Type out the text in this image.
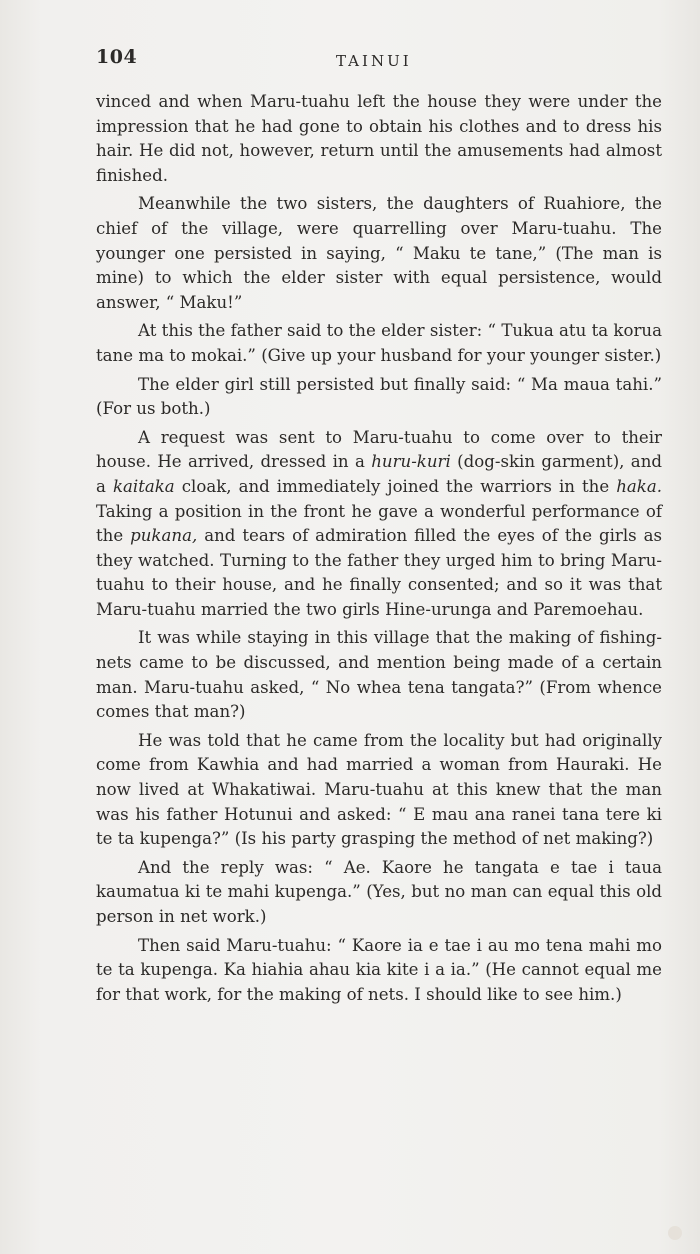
104	TAINUI

vinced and when Maru-tuahu left the house they were under the impression that he had gone to obtain his clothes and to dress his hair. He did not, however, return until the amusements had almost finished.

Meanwhile the two sisters, the daughters of Ruahiore, the chief of the village, were quarrelling over Maru-tuahu. The younger one persisted in saying, “ Maku te tane,” (The man is mine) to which the elder sister with equal persistence, would answer, “ Maku!”

At this the father said to the elder sister: “ Tukua atu ta korua tane ma to mokai.” (Give up your husband for your younger sister.)

The elder girl still persisted but finally said: “ Ma maua tahi.” (For us both.)

A request was sent to Maru-tuahu to come over to their house. He arrived, dressed in a huru-kuri (dog-skin garment), and a kaitaka cloak, and immediately joined the warriors in the haka. Taking a position in the front he gave a wonderful performance of the pukana, and tears of admiration filled the eyes of the girls as they watched. Turning to the father they urged him to bring Maru-tuahu to their house, and he finally consented; and so it was that Maru-tuahu married the two girls Hine-urunga and Paremoehau.

It was while staying in this village that the making of fishing-nets came to be discussed, and mention being made of a certain man. Maru-tuahu asked, “ No whea tena tangata?” (From whence comes that man?)

He was told that he came from the locality but had originally come from Kawhia and had married a woman from Hauraki. He now lived at Whakatiwai. Maru-tuahu at this knew that the man was his father Hotunui and asked: “ E mau ana ranei tana tere ki te ta kupenga?” (Is his party grasping the method of net making?)

And the reply was: “ Ae. Kaore he tangata e tae i taua kaumatua ki te mahi kupenga.” (Yes, but no man can equal this old person in net work.)

Then said Maru-tuahu: “ Kaore ia e tae i au mo tena mahi mo te ta kupenga. Ka hiahia ahau kia kite i a ia.” (He cannot equal me for that work, for the making of nets. I should like to see him.)
